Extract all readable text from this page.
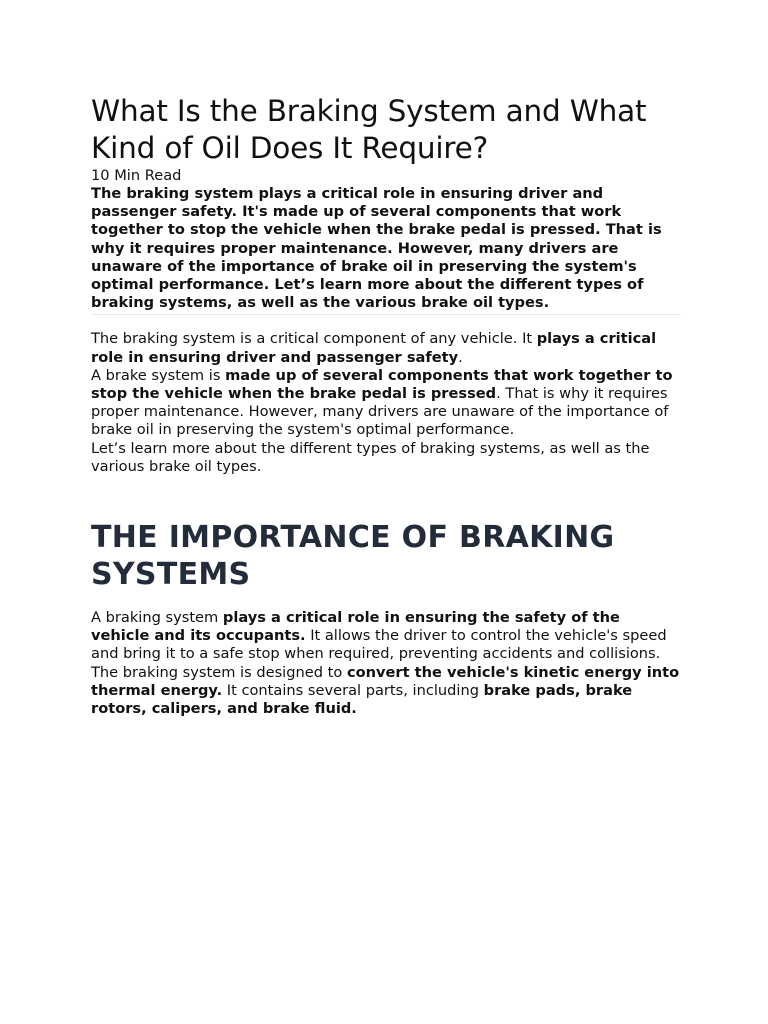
What Is the Braking System and What Kind of Oil Does It Require?

10 Min Read

The braking system plays a critical role in ensuring driver and passenger safety. It's made up of several components that work together to stop the vehicle when the brake pedal is pressed. That is why it requires proper maintenance. However, many drivers are unaware of the importance of brake oil in preserving the system's optimal performance. Let’s learn more about the different types of braking systems, as well as the various brake oil types.

The braking system is a critical component of any vehicle. It plays a critical role in ensuring driver and passenger safety.

A brake system is made up of several components that work together to stop the vehicle when the brake pedal is pressed. That is why it requires proper maintenance. However, many drivers are unaware of the importance of brake oil in preserving the system's optimal performance.

Let’s learn more about the different types of braking systems, as well as the various brake oil types.

THE IMPORTANCE OF BRAKING SYSTEMS

A braking system plays a critical role in ensuring the safety of the vehicle and its occupants. It allows the driver to control the vehicle's speed and bring it to a safe stop when required, preventing accidents and collisions.

The braking system is designed to convert the vehicle's kinetic energy into thermal energy. It contains several parts, including brake pads, brake rotors, calipers, and brake fluid.
